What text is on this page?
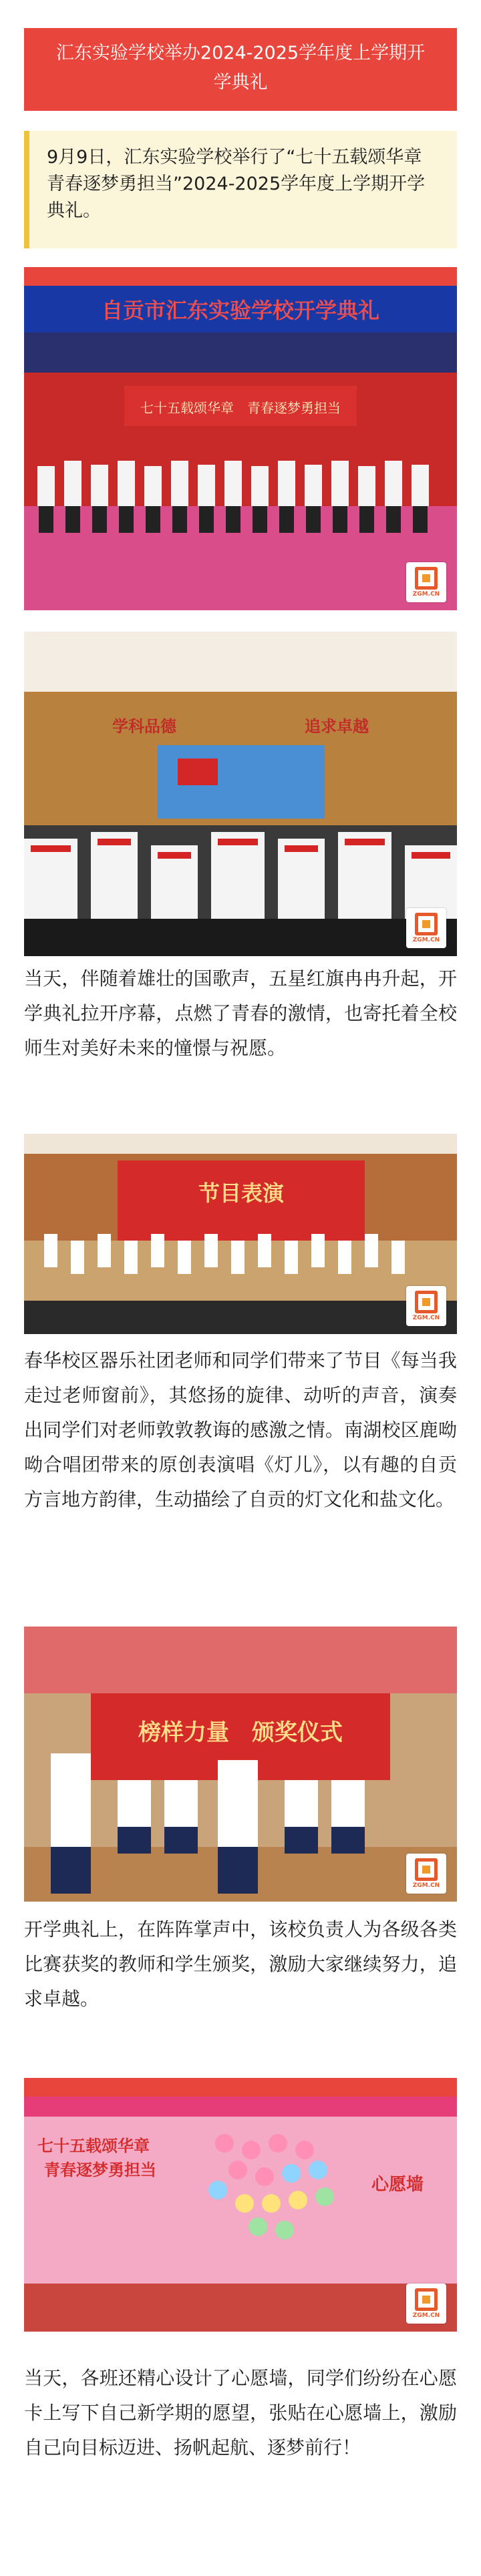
汇东实验学校举办2024-2025学年度上学期开学典礼
9月9日，汇东实验学校举行了“七十五载颂华章　青春逐梦勇担当”2024-2025学年度上学期开学典礼。
自贡市汇东实验学校开学典礼
七十五载颂华章　青春逐梦勇担当
ZGM.CN
学科品德	追求卓越
ZGM.CN
当天，伴随着雄壮的国歌声，五星红旗冉冉升起，开学典礼拉开序幕，点燃了青春的激情，也寄托着全校师生对美好未来的憧憬与祝愿。
节目表演
ZGM.CN
春华校区器乐社团老师和同学们带来了节目《每当我走过老师窗前》，其悠扬的旋律、动听的声音，演奏出同学们对老师敦敦教诲的感激之情。南湖校区鹿呦呦合唱团带来的原创表演唱《灯儿》，以有趣的自贡方言地方韵律，生动描绘了自贡的灯文化和盐文化。
榜样力量　颁奖仪式
ZGM.CN
开学典礼上，在阵阵掌声中，该校负责人为各级各类比赛获奖的教师和学生颁奖，激励大家继续努力，追求卓越。
七十五载颂华章
青春逐梦勇担当
心愿墙
ZGM.CN
当天，各班还精心设计了心愿墙，同学们纷纷在心愿卡上写下自己新学期的愿望，张贴在心愿墙上，激励自己向目标迈进、扬帆起航、逐梦前行！
